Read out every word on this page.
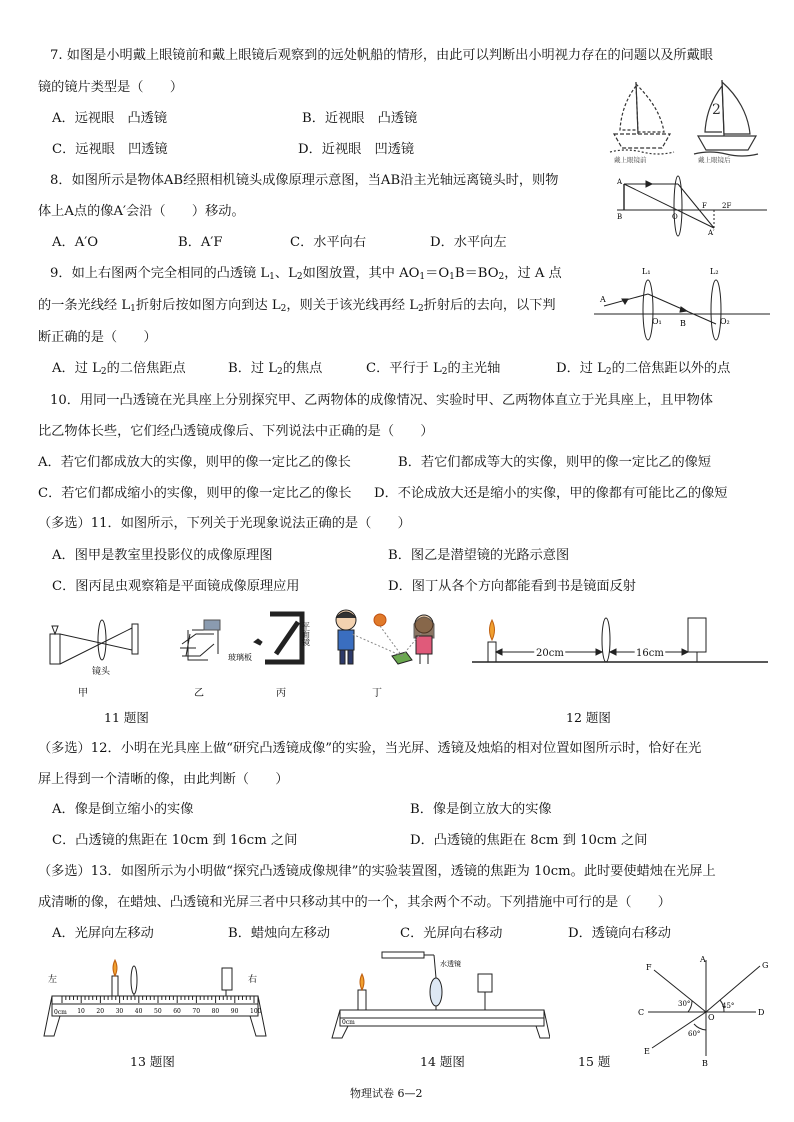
7. 如图是小明戴上眼镜前和戴上眼镜后观察到的远处帆船的情形，由此可以判断出小明视力存在的问题以及所戴眼
镜的镜片类型是（　　）
A．远视眼　凸透镜	B．近视眼　凸透镜
C．远视眼　凹透镜	D．近视眼　凹透镜
2
戴上眼镜前	戴上眼镜后
8．如图所示是物体AB经照相机镜头成像原理示意图，当AB沿主光轴远离镜头时，则物
体上A点的像A′会沿（　　）移动。
A．A′O	B．A′F	C．水平向右	D．水平向左
A
B	O
F 2F
A′
9．如上右图两个完全相同的凸透镜 $L_1$、$L_2$如图放置，其中 $AO_1=O_1B=BO_2$，过 A 点
的一条光线经 $L_1$折射后按如图方向到达 $L_2$，则关于该光线再经 $L_2$折射后的去向，以下判
断正确的是（　　）
A．过 $L_2$的二倍焦距点	B．过 $L_2$的焦点	C．平行于 $L_2$的主光轴	D．过 $L_2$的二倍焦距以外的点
L₁	L₂
A
O₁ B	O₂
10．用同一凸透镜在光具座上分别探究甲、乙两物体的成像情况、实验时甲、乙两物体直立于光具座上，且甲物体
比乙物体长些，它们经凸透镜成像后、下列说法中正确的是（　　）
A．若它们都成放大的实像，则甲的像一定比乙的像长	B．若它们都成等大的实像，则甲的像一定比乙的像短
C．若它们都成缩小的实像，则甲的像一定比乙的像长 D．不论成放大还是缩小的实像，甲的像都有可能比乙的像短
（多选）11．如图所示，下列关于光现象说法正确的是（　　）
A．图甲是教室里投影仪的成像原理图	B．图乙是潜望镜的光路示意图
C．图丙昆虫观察箱是平面镜成像原理应用	D．图丁从各个方向都能看到书是镜面反射
镜头
玻璃板
平面镜
甲	乙	丙	丁
11 题图
20cm	16cm
12 题图
（多选）12．小明在光具座上做“研究凸透镜成像”的实验，当光屏、透镜及烛焰的相对位置如图所示时，恰好在光
屏上得到一个清晰的像，由此判断（　　）
A．像是倒立缩小的实像	B．像是倒立放大的实像
C．凸透镜的焦距在 10cm 到 16cm 之间	D．凸透镜的焦距在 8cm 到 10cm 之间
（多选）13．如图所示为小明做“探究凸透镜成像规律”的实验装置图，透镜的焦距为 10cm。此时要使蜡烛在光屏上
成清晰的像，在蜡烛、凸透镜和光屏三者中只移动其中的一个，其余两个不动。下列措施中可行的是（　　）
A．光屏向左移动	B．蜡烛向左移动	C．光屏向右移动	D．透镜向右移动
左	右
0cm 10 20 30 40 50 60 70 80 90 100
13 题图
水透镜
0cm
14 题图
A
B
C	D
E
F	G
O
30°	45°
60°
15 题
物理试卷 6—2
